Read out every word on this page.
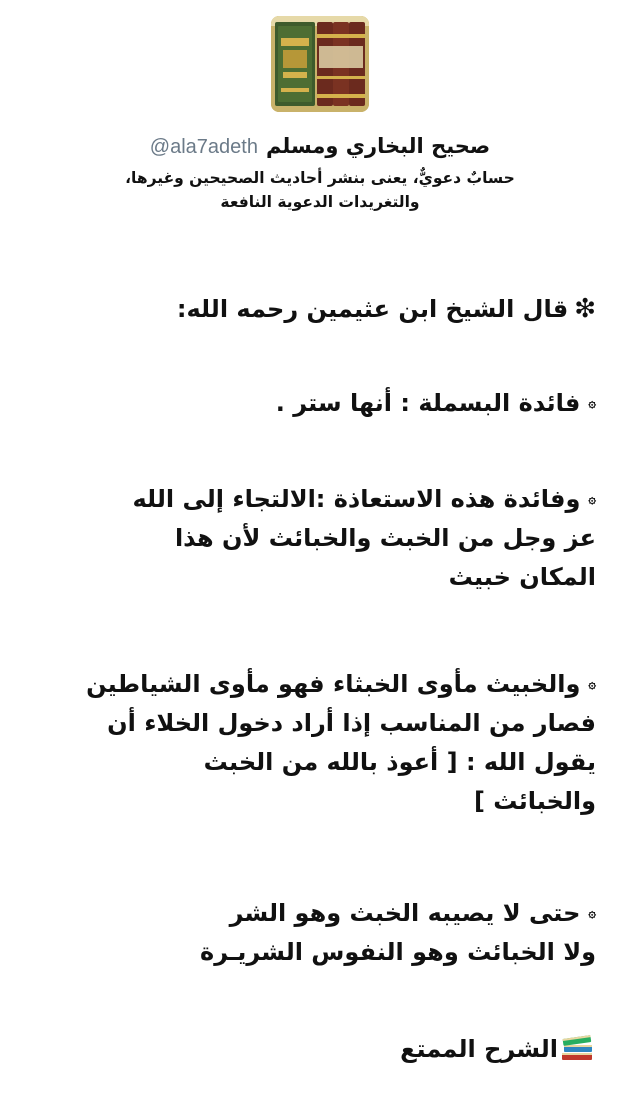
صحيح البخاري ومسلم
@ala7adeth
حسابٌ دعويٌّ، يعنى بنشر أحاديث الصحيحين وغيرها،
والتغريدات الدعوية النافعة
❇قال الشيخ ابن عثيمين رحمه الله:
۞فائدة البسملة : أنها ستر .
۞وفائدة هذه الاستعاذة :الالتجاء إلى الله
عز وجل من الخبث والخبائث لأن هذا
المكان خبيث
۞والخبيث مأوى الخبثاء فهو مأوى الشياطين
فصار من المناسب إذا أراد دخول الخلاء أن
يقول الله : [ أعوذ بالله من الخبث
والخبائث ]
۞حتى لا يصيبه الخبث وهو الشر
ولا الخبائث وهو النفوس الشريـرة
الشرح الممتع
